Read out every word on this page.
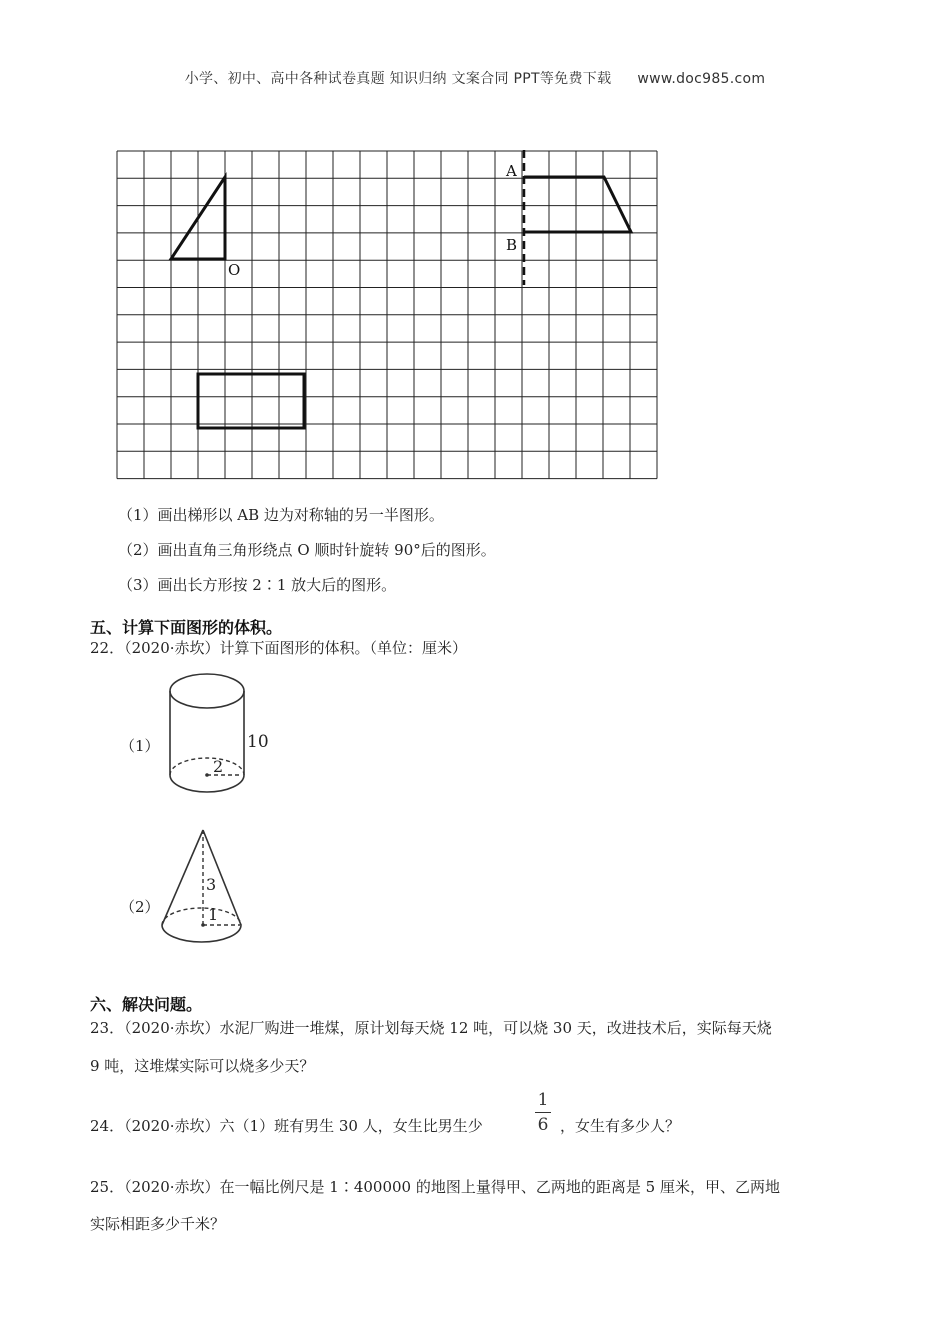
小学、初中、高中各种试卷真题 知识归纳 文案合同 PPT等免费下载 www.doc985.com
A
B
O
（1）画出梯形以 AB 边为对称轴的另一半图形。
（2）画出直角三角形绕点 O 顺时针旋转 90°后的图形。
（3）画出长方形按 2∶1 放大后的图形。
五、计算下面图形的体积。
22．（2020·赤坎）计算下面图形的体积。（单位：厘米）
（1）
（2）
10
2
3
1
六、解决问题。
23．（2020·赤坎）水泥厂购进一堆煤，原计划每天烧 12 吨，可以烧 30 天，改进技术后，实际每天烧
9 吨，这堆煤实际可以烧多少天？
24．（2020·赤坎）六（1）班有男生 30 人，女生比男生少
1
6 ，女生有多少人？
25．（2020·赤坎）在一幅比例尺是 1∶400000 的地图上量得甲、乙两地的距离是 5 厘米，甲、乙两地
实际相距多少千米？
